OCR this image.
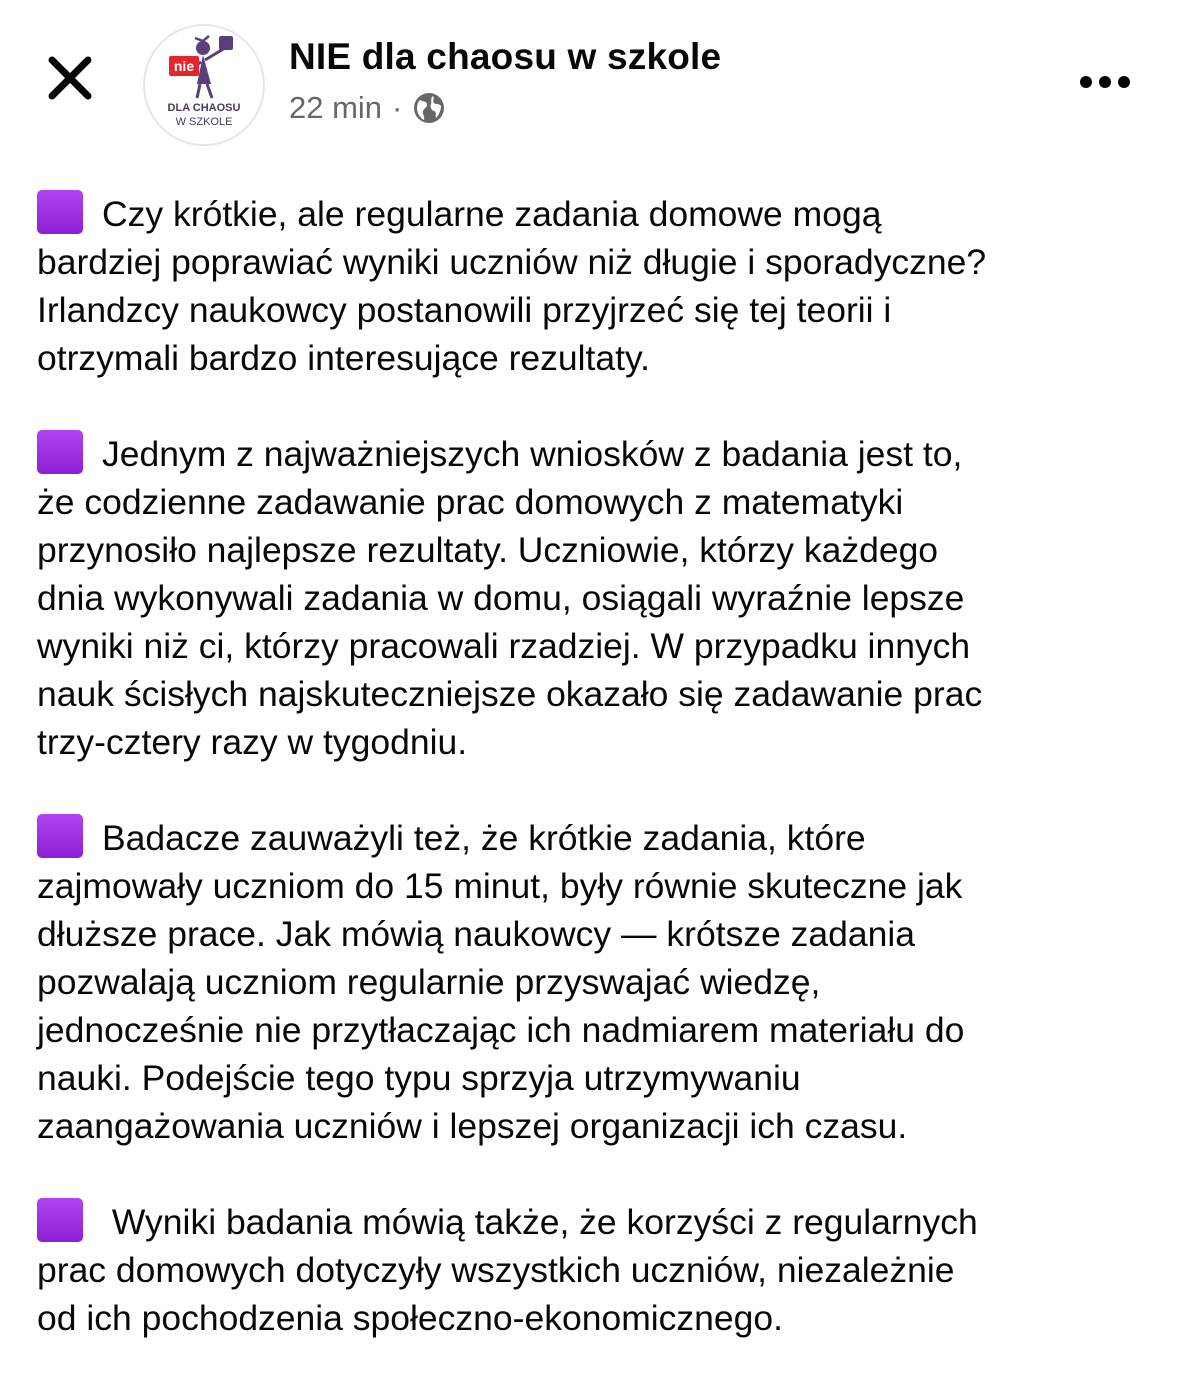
nie
DLA CHAOSU
W SZKOLE
NIE dla chaosu w szkole
22 min ·
Czy krótkie, ale regularne zadania domowe mogą
bardziej poprawiać wyniki uczniów niż długie i sporadyczne?
Irlandzcy naukowcy postanowili przyjrzeć się tej teorii i
otrzymali bardzo interesujące rezultaty.
Jednym z najważniejszych wniosków z badania jest to,
że codzienne zadawanie prac domowych z matematyki
przynosiło najlepsze rezultaty. Uczniowie, którzy każdego
dnia wykonywali zadania w domu, osiągali wyraźnie lepsze
wyniki niż ci, którzy pracowali rzadziej. W przypadku innych
nauk ścisłych najskuteczniejsze okazało się zadawanie prac
trzy-cztery razy w tygodniu.
Badacze zauważyli też, że krótkie zadania, które
zajmowały uczniom do 15 minut, były równie skuteczne jak
dłuższe prace. Jak mówią naukowcy — krótsze zadania
pozwalają uczniom regularnie przyswajać wiedzę,
jednocześnie nie przytłaczając ich nadmiarem materiału do
nauki. Podejście tego typu sprzyja utrzymywaniu
zaangażowania uczniów i lepszej organizacji ich czasu.
Wyniki badania mówią także, że korzyści z regularnych
prac domowych dotyczyły wszystkich uczniów, niezależnie
od ich pochodzenia społeczno-ekonomicznego.
